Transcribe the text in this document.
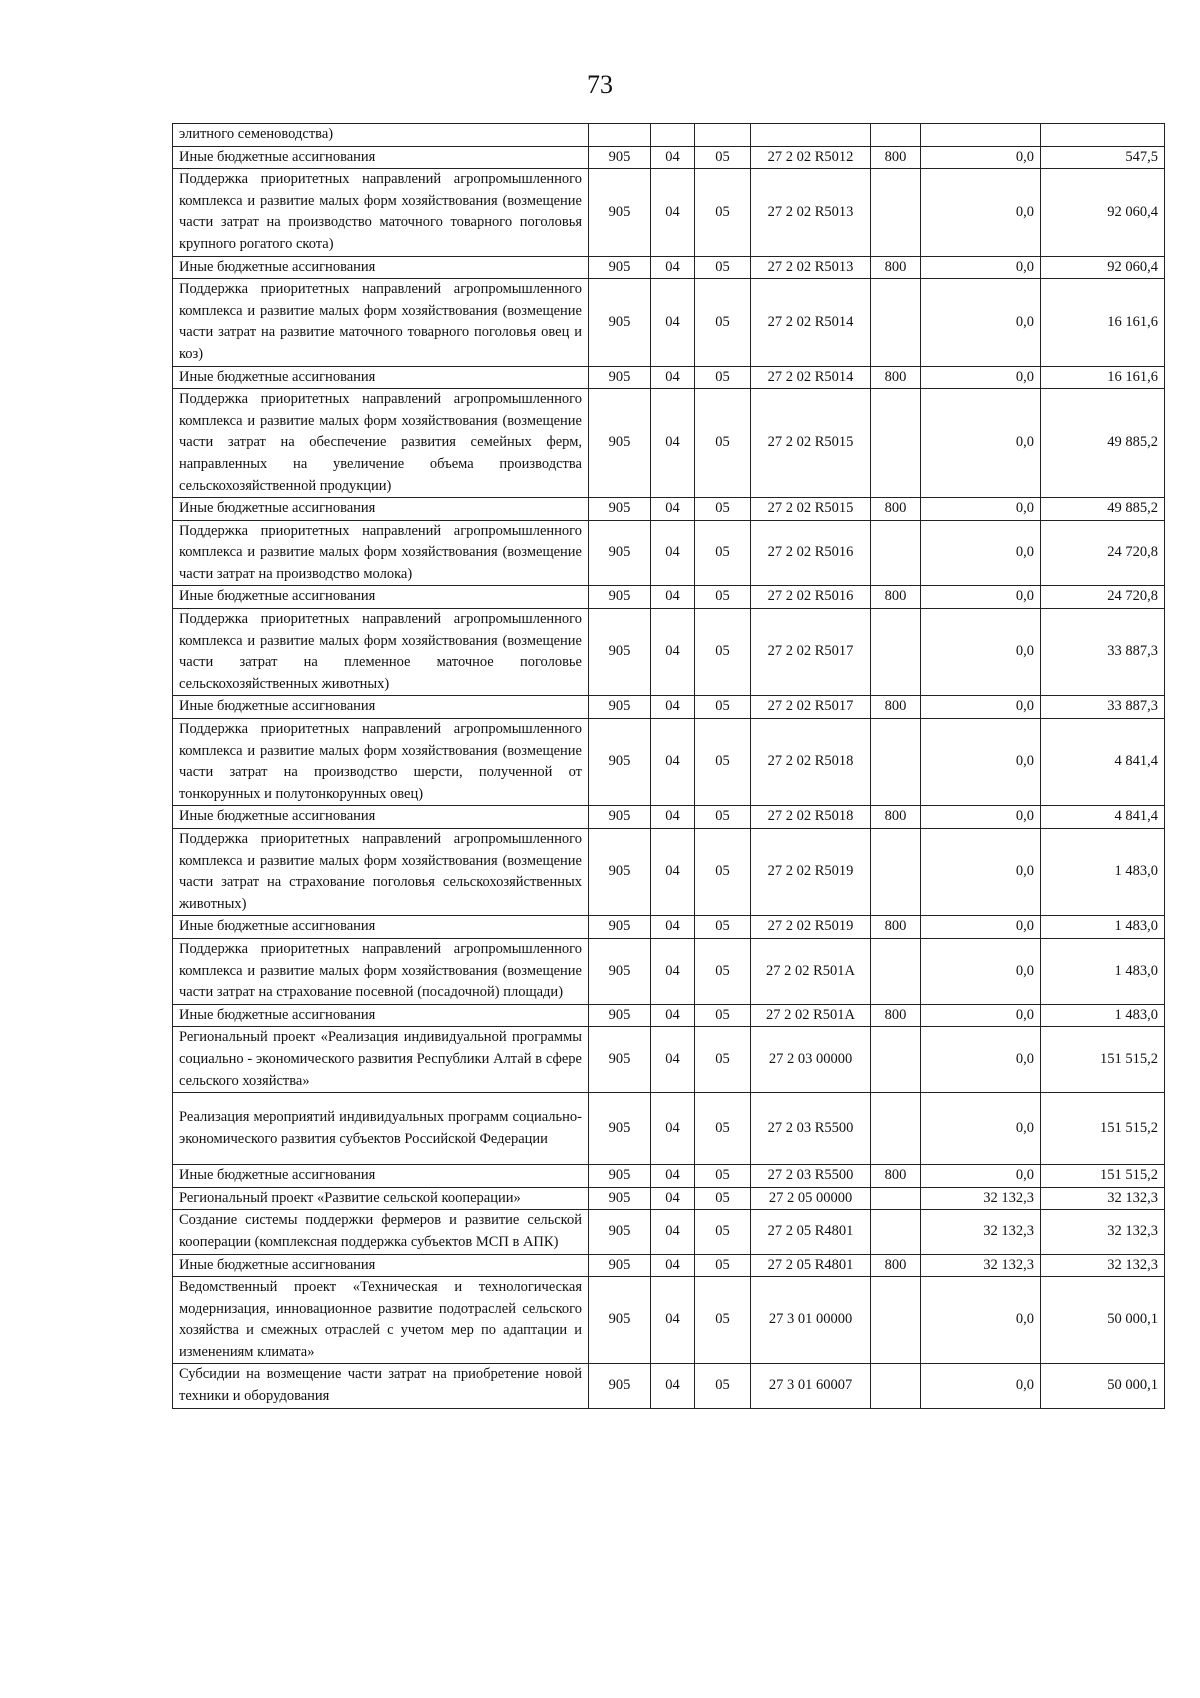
73
элитного семеноводства)							
Иные бюджетные ассигнования	905	04	05	27 2 02 R5012	800	0,0	547,5
Поддержка приоритетных направлений агропромышленного комплекса и развитие малых форм хозяйствования (возмещение части затрат на производство маточного товарного поголовья крупного рогатого скота)	905	04	05	27 2 02 R5013		0,0	92 060,4
Иные бюджетные ассигнования	905	04	05	27 2 02 R5013	800	0,0	92 060,4
Поддержка приоритетных направлений агропромышленного комплекса и развитие малых форм хозяйствования (возмещение части затрат на развитие маточного товарного поголовья овец и коз)	905	04	05	27 2 02 R5014		0,0	16 161,6
Иные бюджетные ассигнования	905	04	05	27 2 02 R5014	800	0,0	16 161,6
Поддержка приоритетных направлений агропромышленного комплекса и развитие малых форм хозяйствования (возмещение части затрат на обеспечение развития семейных ферм, направленных на увеличение объема производства сельскохозяйственной продукции)	905	04	05	27 2 02 R5015		0,0	49 885,2
Иные бюджетные ассигнования	905	04	05	27 2 02 R5015	800	0,0	49 885,2
Поддержка приоритетных направлений агропромышленного комплекса и развитие малых форм хозяйствования (возмещение части затрат на производство молока)	905	04	05	27 2 02 R5016		0,0	24 720,8
Иные бюджетные ассигнования	905	04	05	27 2 02 R5016	800	0,0	24 720,8
Поддержка приоритетных направлений агропромышленного комплекса и развитие малых форм хозяйствования (возмещение части затрат на племенное маточное поголовье сельскохозяйственных животных)	905	04	05	27 2 02 R5017		0,0	33 887,3
Иные бюджетные ассигнования	905	04	05	27 2 02 R5017	800	0,0	33 887,3
Поддержка приоритетных направлений агропромышленного комплекса и развитие малых форм хозяйствования (возмещение части затрат на производство шерсти, полученной от тонкорунных и полутонкорунных овец)	905	04	05	27 2 02 R5018		0,0	4 841,4
Иные бюджетные ассигнования	905	04	05	27 2 02 R5018	800	0,0	4 841,4
Поддержка приоритетных направлений агропромышленного комплекса и развитие малых форм хозяйствования (возмещение части затрат на страхование поголовья сельскохозяйственных животных)	905	04	05	27 2 02 R5019		0,0	1 483,0
Иные бюджетные ассигнования	905	04	05	27 2 02 R5019	800	0,0	1 483,0
Поддержка приоритетных направлений агропромышленного комплекса и развитие малых форм хозяйствования (возмещение части затрат на страхование посевной (посадочной) площади)	905	04	05	27 2 02 R501A		0,0	1 483,0
Иные бюджетные ассигнования	905	04	05	27 2 02 R501A	800	0,0	1 483,0
Региональный проект «Реализация индивидуальной программы социально - экономического развития Республики Алтай в сфере сельского хозяйства»	905	04	05	27 2 03 00000		0,0	151 515,2
Реализация мероприятий индивидуальных программ социально-экономического развития субъектов Российской Федерации	905	04	05	27 2 03 R5500		0,0	151 515,2
Иные бюджетные ассигнования	905	04	05	27 2 03 R5500	800	0,0	151 515,2
Региональный проект «Развитие сельской кооперации»	905	04	05	27 2 05 00000		32 132,3	32 132,3
Создание системы поддержки фермеров и развитие сельской кооперации (комплексная поддержка субъектов МСП в АПК)	905	04	05	27 2 05 R4801		32 132,3	32 132,3
Иные бюджетные ассигнования	905	04	05	27 2 05 R4801	800	32 132,3	32 132,3
Ведомственный проект «Техническая и технологическая модернизация, инновационное развитие подотраслей сельского хозяйства и смежных отраслей с учетом мер по адаптации и изменениям климата»	905	04	05	27 3 01 00000		0,0	50 000,1
Субсидии на возмещение части затрат на приобретение новой техники и оборудования	905	04	05	27 3 01 60007		0,0	50 000,1
